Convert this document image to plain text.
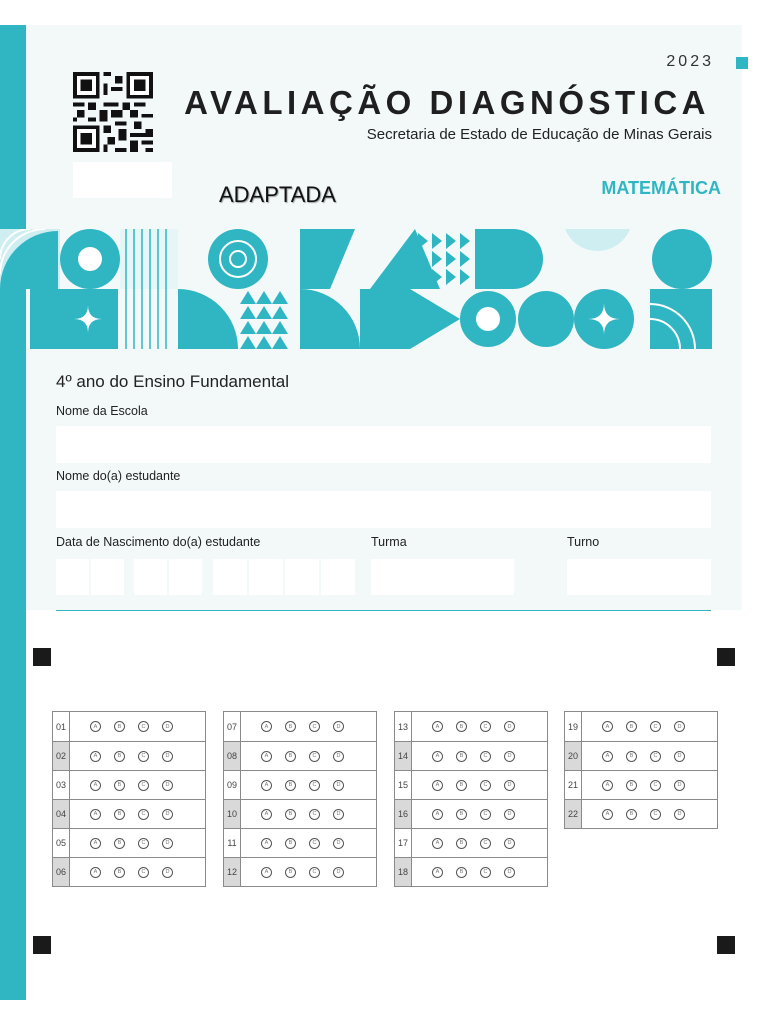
2023
AVALIAÇÃO DIAGNÓSTICA
Secretaria de Estado de Educação de Minas Gerais
ADAPTADA	MATEMÁTICA
4º ano do Ensino Fundamental
Nome da Escola
Nome do(a) estudante
Data de Nascimento do(a) estudante	Turma	Turno
01	A	B	C	D
02	A	B	C	D
03	A	B	C	D
04	A	B	C	D
05	A	B	C	D
06	A	B	C	D
07	A	B	C	D
08	A	B	C	D
09	A	B	C	D
10	A	B	C	D
11	A	B	C	D
12	A	B	C	D
13	A	B	C	D
14	A	B	C	D
15	A	B	C	D
16	A	B	C	D
17	A	B	C	D
18	A	B	C	D
19	A	B	C	D
20	A	B	C	D
21	A	B	C	D
22	A	B	C	D
